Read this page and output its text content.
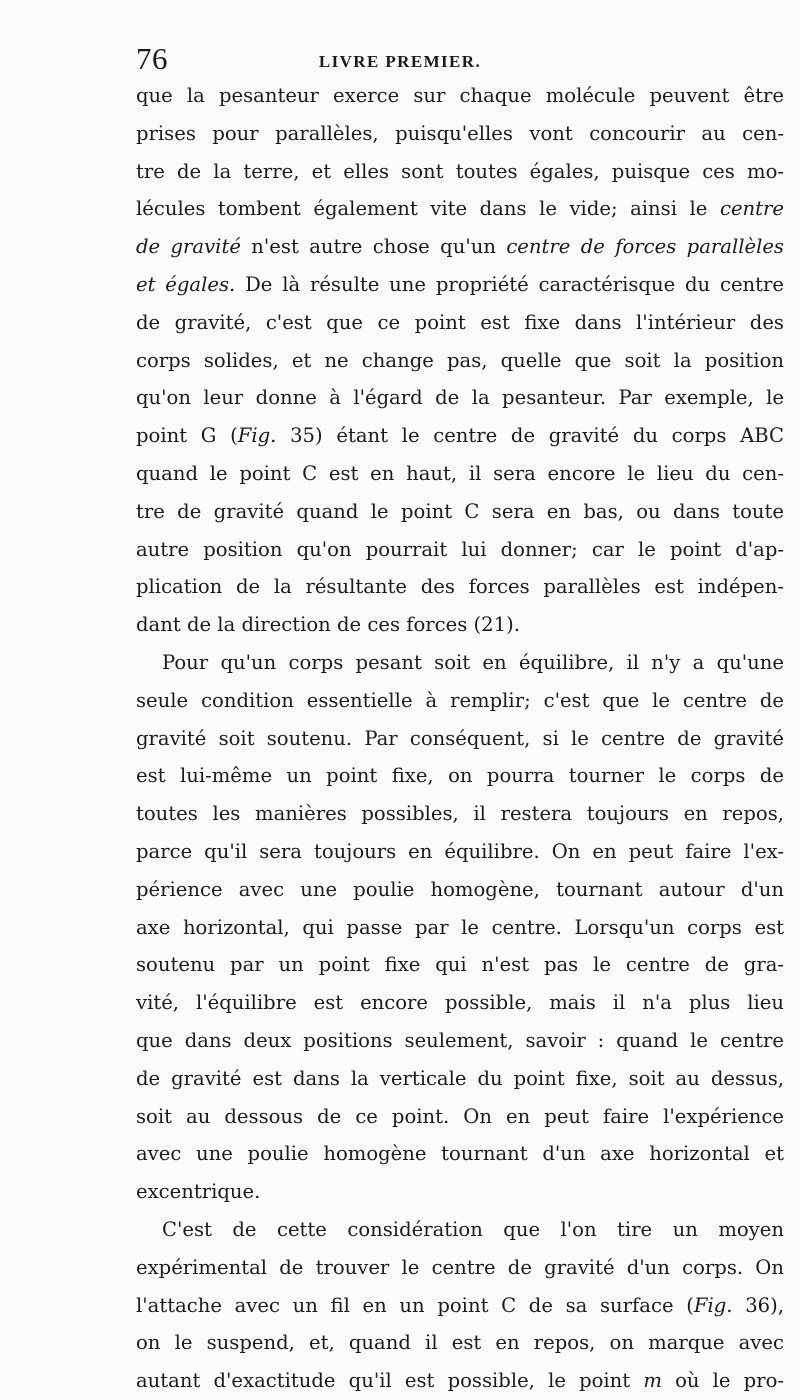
76	LIVRE PREMIER.
que la pesanteur exerce sur chaque molécule peuvent être
prises pour parallèles, puisqu'elles vont concourir au cen-
tre de la terre, et elles sont toutes égales, puisque ces mo-
lécules tombent également vite dans le vide; ainsi le centre
de gravité n'est autre chose qu'un centre de forces parallèles
et égales. De là résulte une propriété caractérisque du centre
de gravité, c'est que ce point est fixe dans l'intérieur des
corps solides, et ne change pas, quelle que soit la position
qu'on leur donne à l'égard de la pesanteur. Par exemple, le
point G (Fig. 35) étant le centre de gravité du corps ABC
quand le point C est en haut, il sera encore le lieu du cen-
tre de gravité quand le point C sera en bas, ou dans toute
autre position qu'on pourrait lui donner; car le point d'ap-
plication de la résultante des forces parallèles est indépen-
dant de la direction de ces forces (21).
Pour qu'un corps pesant soit en équilibre, il n'y a qu'une
seule condition essentielle à remplir; c'est que le centre de
gravité soit soutenu. Par conséquent, si le centre de gravité
est lui-même un point fixe, on pourra tourner le corps de
toutes les manières possibles, il restera toujours en repos,
parce qu'il sera toujours en équilibre. On en peut faire l'ex-
périence avec une poulie homogène, tournant autour d'un
axe horizontal, qui passe par le centre. Lorsqu'un corps est
soutenu par un point fixe qui n'est pas le centre de gra-
vité, l'équilibre est encore possible, mais il n'a plus lieu
que dans deux positions seulement, savoir : quand le centre
de gravité est dans la verticale du point fixe, soit au dessus,
soit au dessous de ce point. On en peut faire l'expérience
avec une poulie homogène tournant d'un axe horizontal et
excentrique.
C'est de cette considération que l'on tire un moyen
expérimental de trouver le centre de gravité d'un corps. On
l'attache avec un fil en un point C de sa surface (Fig. 36),
on le suspend, et, quand il est en repos, on marque avec
autant d'exactitude qu'il est possible, le point m où le pro-
